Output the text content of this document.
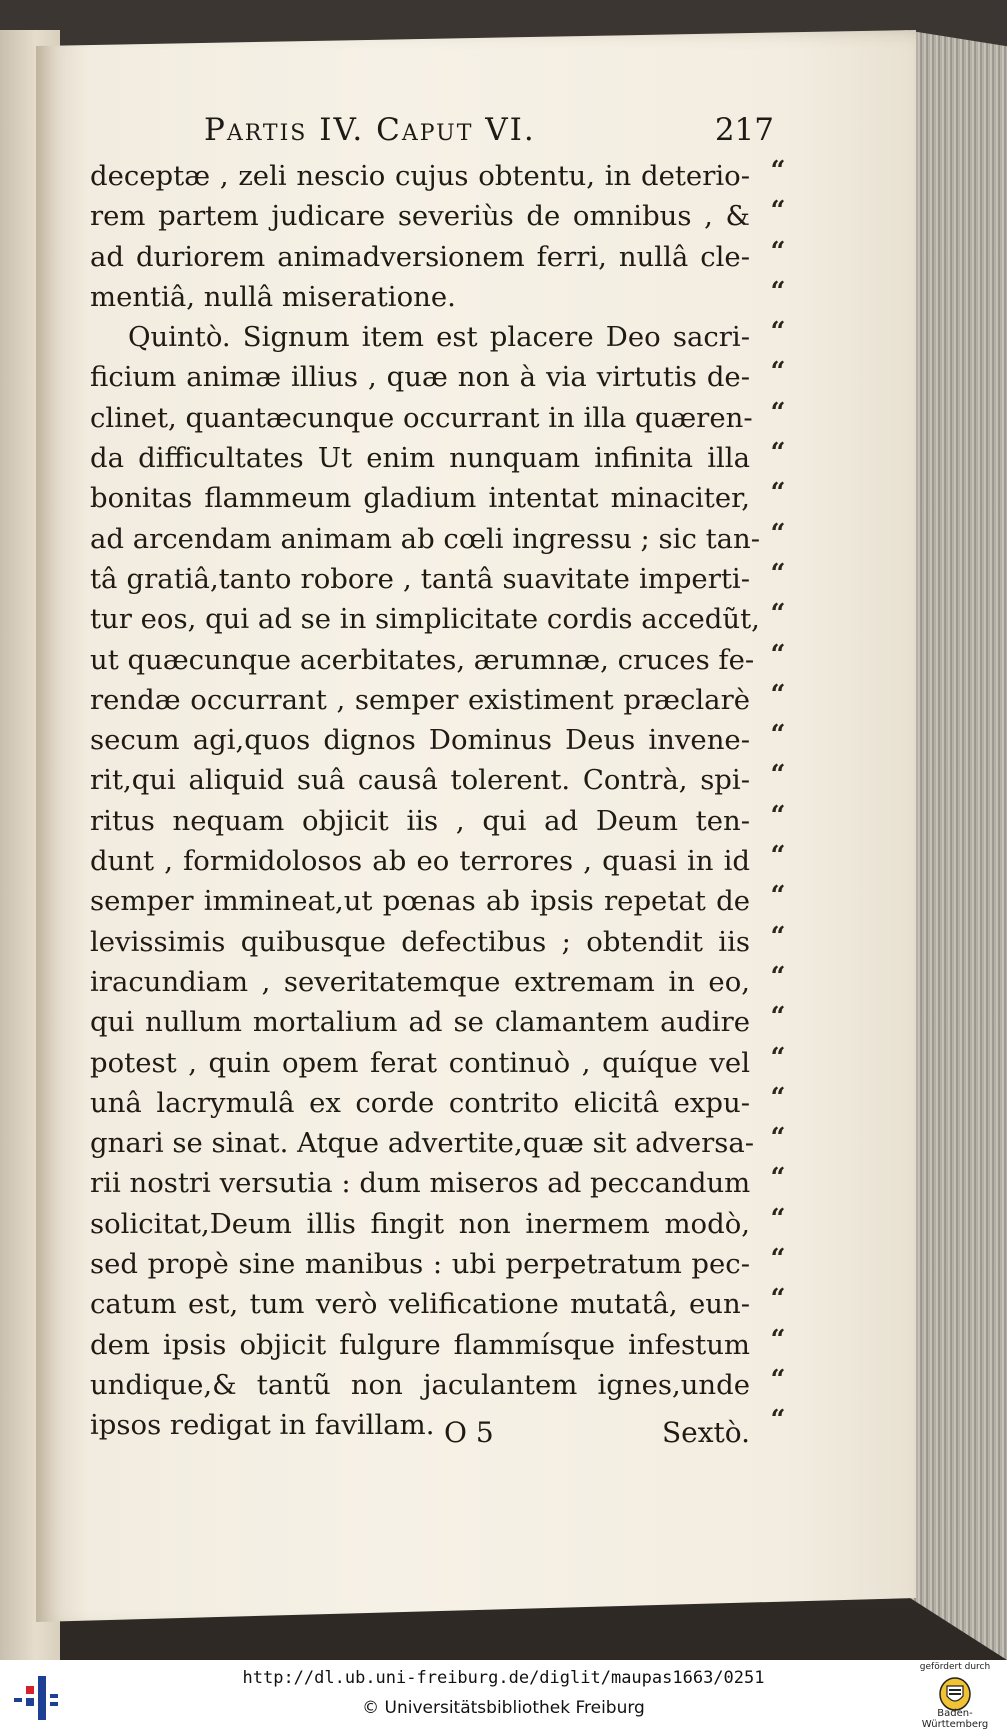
Partis IV. Caput VI.	217
deceptæ , zeli nescio cujus obtentu, in deterio-
rem partem judicare severiùs de omnibus , &
ad duriorem animadversionem ferri, nullâ cle-
mentiâ, nullâ miseratione.
Quintò. Signum item est placere Deo sacri-
ficium animæ illius , quæ non à via virtutis de-
clinet, quantæcunque occurrant in illa quæren-
da difficultates Ut enim nunquam infinita illa
bonitas flammeum gladium intentat minaciter,
ad arcendam animam ab cœli ingressu ; sic tan-
tâ gratiâ,tanto robore , tantâ suavitate imperti-
tur eos, qui ad se in simplicitate cordis accedũt,
ut quæcunque acerbitates, ærumnæ, cruces fe-
rendæ occurrant , semper existiment præclarè
secum agi,quos dignos Dominus Deus invene-
rit,qui aliquid suâ causâ tolerent. Contrà, spi-
ritus nequam objicit iis , qui ad Deum ten-
dunt , formidolosos ab eo terrores , quasi in id
semper immineat,ut pœnas ab ipsis repetat de
levissimis quibusque defectibus ; obtendit iis
iracundiam , severitatemque extremam in eo,
qui nullum mortalium ad se clamantem audire
potest , quin opem ferat continuò , quíque vel
unâ lacrymulâ ex corde contrito elicitâ expu-
gnari se sinat. Atque advertite,quæ sit adversa-
rii nostri versutia : dum miseros ad peccandum
solicitat,Deum illis fingit non inermem modò,
sed propè sine manibus : ubi perpetratum pec-
catum est, tum verò velificatione mutatâ, eun-
dem ipsis objicit fulgure flammísque infestum
undique,& tantũ non jaculantem ignes,unde
ipsos redigat in favillam.
“
“
“
“
“
“
“
“
“
“
“
“
“
“
“
“
“
“
“
“
“
“
“
“
“
“
“
“
“
“
“
“
O 5	Sextò.
http://dl.ub.uni-freiburg.de/diglit/maupas1663/0251
© Universitätsbibliothek Freiburg
gefördert durch
Baden-Württemberg
